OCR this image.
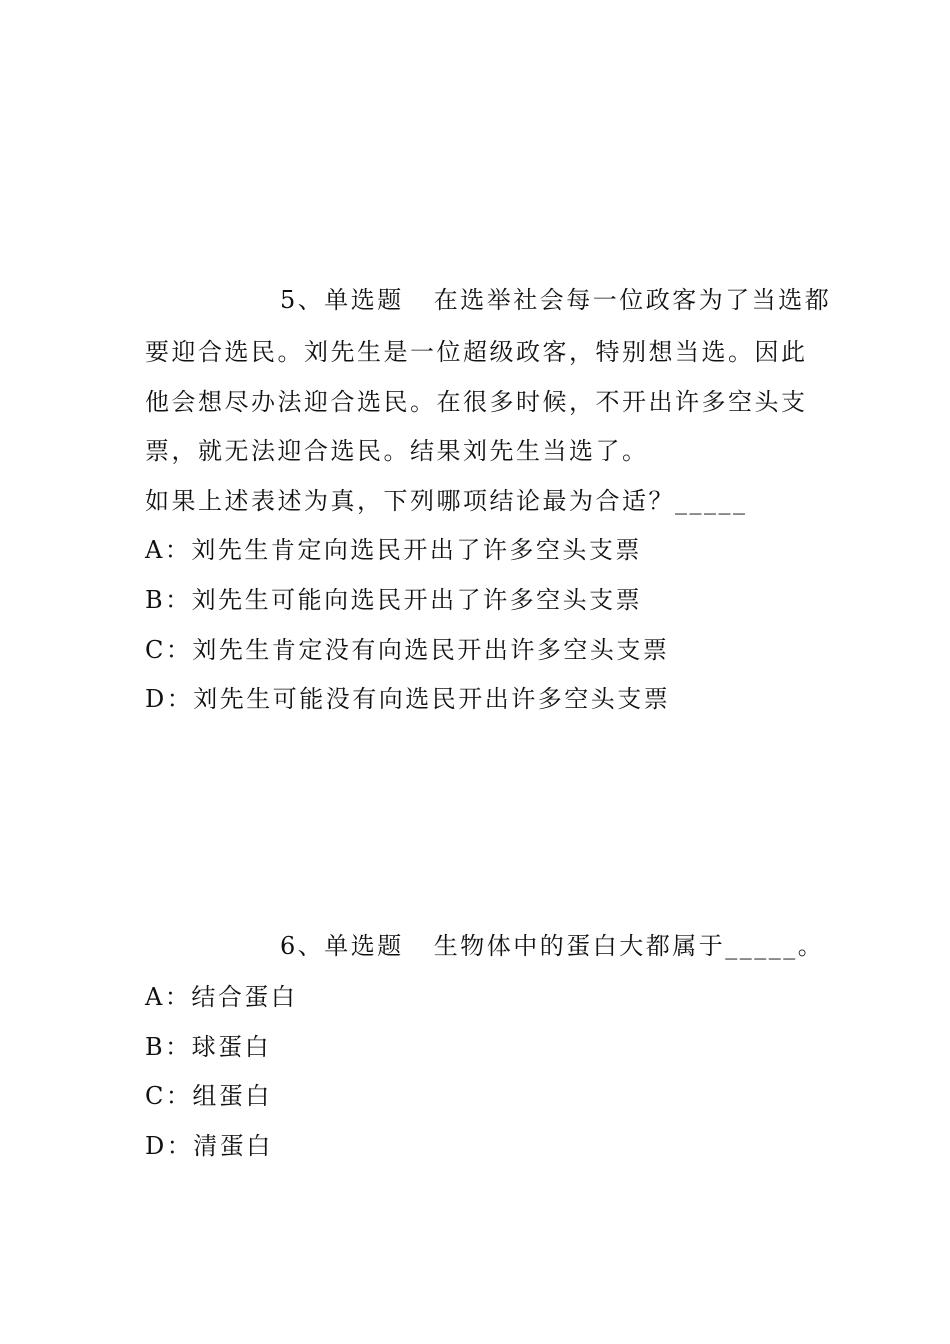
5、单选题 在选举社会每一位政客为了当选都
要迎合选民。刘先生是一位超级政客，特别想当选。因此
他会想尽办法迎合选民。在很多时候，不开出许多空头支
票，就无法迎合选民。结果刘先生当选了。
如果上述表述为真，下列哪项结论最为合适？_____
A：刘先生肯定向选民开出了许多空头支票
B：刘先生可能向选民开出了许多空头支票
C：刘先生肯定没有向选民开出许多空头支票
D：刘先生可能没有向选民开出许多空头支票
6、单选题 生物体中的蛋白大都属于_____。
A：结合蛋白
B：球蛋白
C：组蛋白
D：清蛋白
